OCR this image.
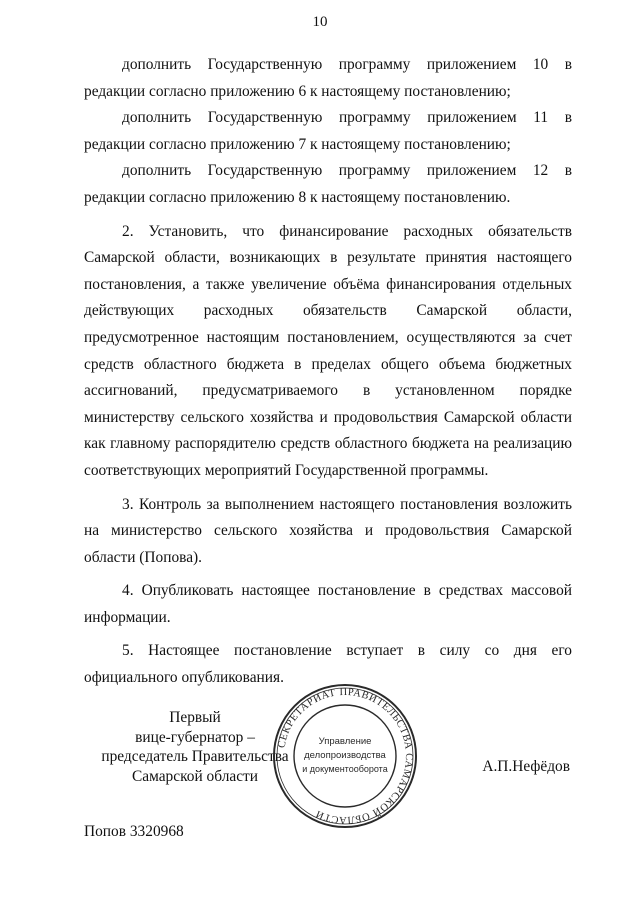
10

дополнить Государственную программу приложением 10 в редакции согласно приложению 6 к настоящему постановлению;

дополнить Государственную программу приложением 11 в редакции согласно приложению 7 к настоящему постановлению;

дополнить Государственную программу приложением 12 в редакции согласно приложению 8 к настоящему постановлению.

2. Установить, что финансирование расходных обязательств Самарской области, возникающих в результате принятия настоящего постановления, а также увеличение объёма финансирования отдельных действующих расходных обязательств Самарской области, предусмотренное настоящим постановлением, осуществляются за счет средств областного бюджета в пределах общего объема бюджетных ассигнований, предусматриваемого в установленном порядке министерству сельского хозяйства и продовольствия Самарской области как главному распорядителю средств областного бюджета на реализацию соответствующих мероприятий Государственной программы.

3. Контроль за выполнением настоящего постановления возложить на министерство сельского хозяйства и продовольствия Самарской области (Попова).

4. Опубликовать настоящее постановление в средствах массовой информации.

5. Настоящее постановление вступает в силу со дня его официального опубликования.

Первый
вице-губернатор –
председатель Правительства
Самарской области
СЕКРЕТАРИАТ ПРАВИТЕЛЬСТВА САМАРСКОЙ ОБЛАСТИ
Управление
делопроизводства
и документооборота	А.П.Нефёдов
Попов 3320968
